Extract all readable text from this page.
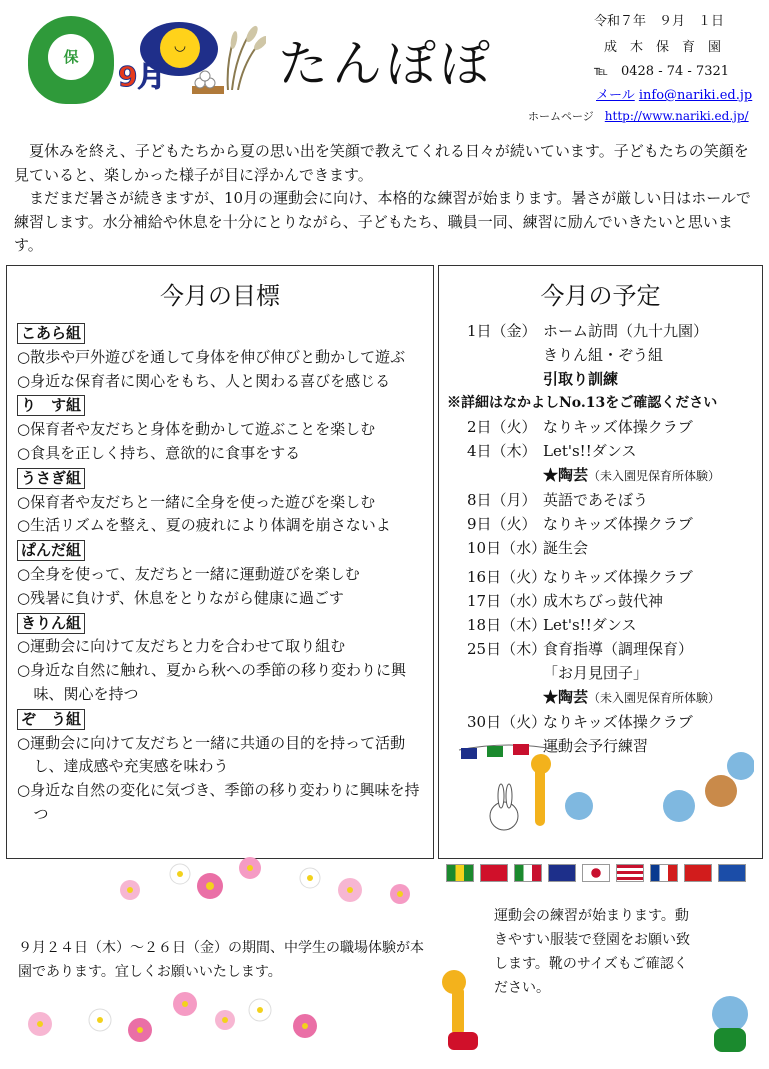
保
◡
9月 たんぽぽ
令和７年　９月　１日
成　木　保　育　園
℡　 0428 - 74 - 7321
メール info@nariki.ed.jp
ホームページ　 http://www.nariki.ed.jp/

夏休みを終え、子どもたちから夏の思い出を笑顔で教えてくれる日々が続いています。子どもたちの笑顔を見ていると、楽しかった様子が目に浮かんできます。

まだまだ暑さが続きますが、10月の運動会に向け、本格的な練習が始まります。暑さが厳しい日はホールで練習します。水分補給や休息を十分にとりながら、子どもたち、職員一同、練習に励んでいきたいと思います。

今月の目標
こあら組
○散歩や戸外遊びを通して身体を伸び伸びと動かして遊ぶ
○身近な保育者に関心をもち、人と関わる喜びを感じる
り　す組
○保育者や友だちと身体を動かして遊ぶことを楽しむ
○食具を正しく持ち、意欲的に食事をする
うさぎ組
○保育者や友だちと一緒に全身を使った遊びを楽しむ
○生活リズムを整え、夏の疲れにより体調を崩さないよ
ぱんだ組
○全身を使って、友だちと一緒に運動遊びを楽しむ
○残暑に負けず、休息をとりながら健康に過ごす
きりん組
○運動会に向けて友だちと力を合わせて取り組む
○身近な自然に触れ、夏から秋への季節の移り変わりに興味、関心を持つ
ぞ　う組
○運動会に向けて友だちと一緒に共通の目的を持って活動し、達成感や充実感を味わう
○身近な自然の変化に気づき、季節の移り変わりに興味を持つ
今月の予定
1日（金） ホーム訪問（九十九園）
きりん組・ぞう組
引取り訓練
※詳細はなかよしNo.13をご確認ください
2日（火） なりキッズ体操クラブ
4日（木） Let's!!ダンス
★陶芸（未入園児保育所体験）
8日（月） 英語であそぼう
9日（火） なりキッズ体操クラブ
10日（水）
誕生会
16日（火）
なりキッズ体操クラブ
17日（水）
成木ちびっ鼓代神
18日（木）
Let's!!ダンス
25日（木）
食育指導（調理保育）
「お月見団子」
★陶芸（未入園児保育所体験）
30日（火）
なりキッズ体操クラブ
運動会予行練習
９月２４日（木）～２６日（金）の期間、中学生の職場体験が本園であります。宜しくお願いいたします。
運動会の練習が始まります。動きやすい服装で登園をお願い致します。靴のサイズもご確認ください。
